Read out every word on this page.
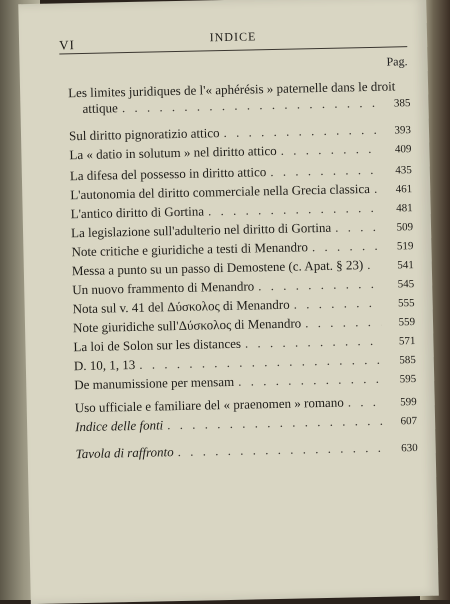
VI
INDICE
Pag.
Les limites juridiques de l'« aphérésis » paternelle dans le droit
attique . . .	385
Sul diritto pignoratizio attico . . .	393
La « datio in solutum » nel diritto attico . . .	409
La difesa del possesso in diritto attico . . .	435
L'autonomia del diritto commerciale nella Grecia classica . . .	461
L'antico diritto di Gortina . . .	481
La legislazione sull'adulterio nel diritto di Gortina . . .	509
Note critiche e giuridiche a testi di Menandro . . .	519
Messa a punto su un passo di Demostene (c. Apat. § 23) . . .	541
Un nuovo frammento di Menandro . . .	545
Nota sul v. 41 del Δύσκολος di Menandro . . .	555
Note giuridiche sull'Δύσκολος di Menandro . . .	559
La loi de Solon sur les distances . . .	571
D. 10, 1, 13 . . .	585
De manumissione per mensam . . .	595
Uso ufficiale e familiare del « praenomen » romano . . .	599
Indice delle fonti . . .	607
Tavola di raffronto . . .	630
